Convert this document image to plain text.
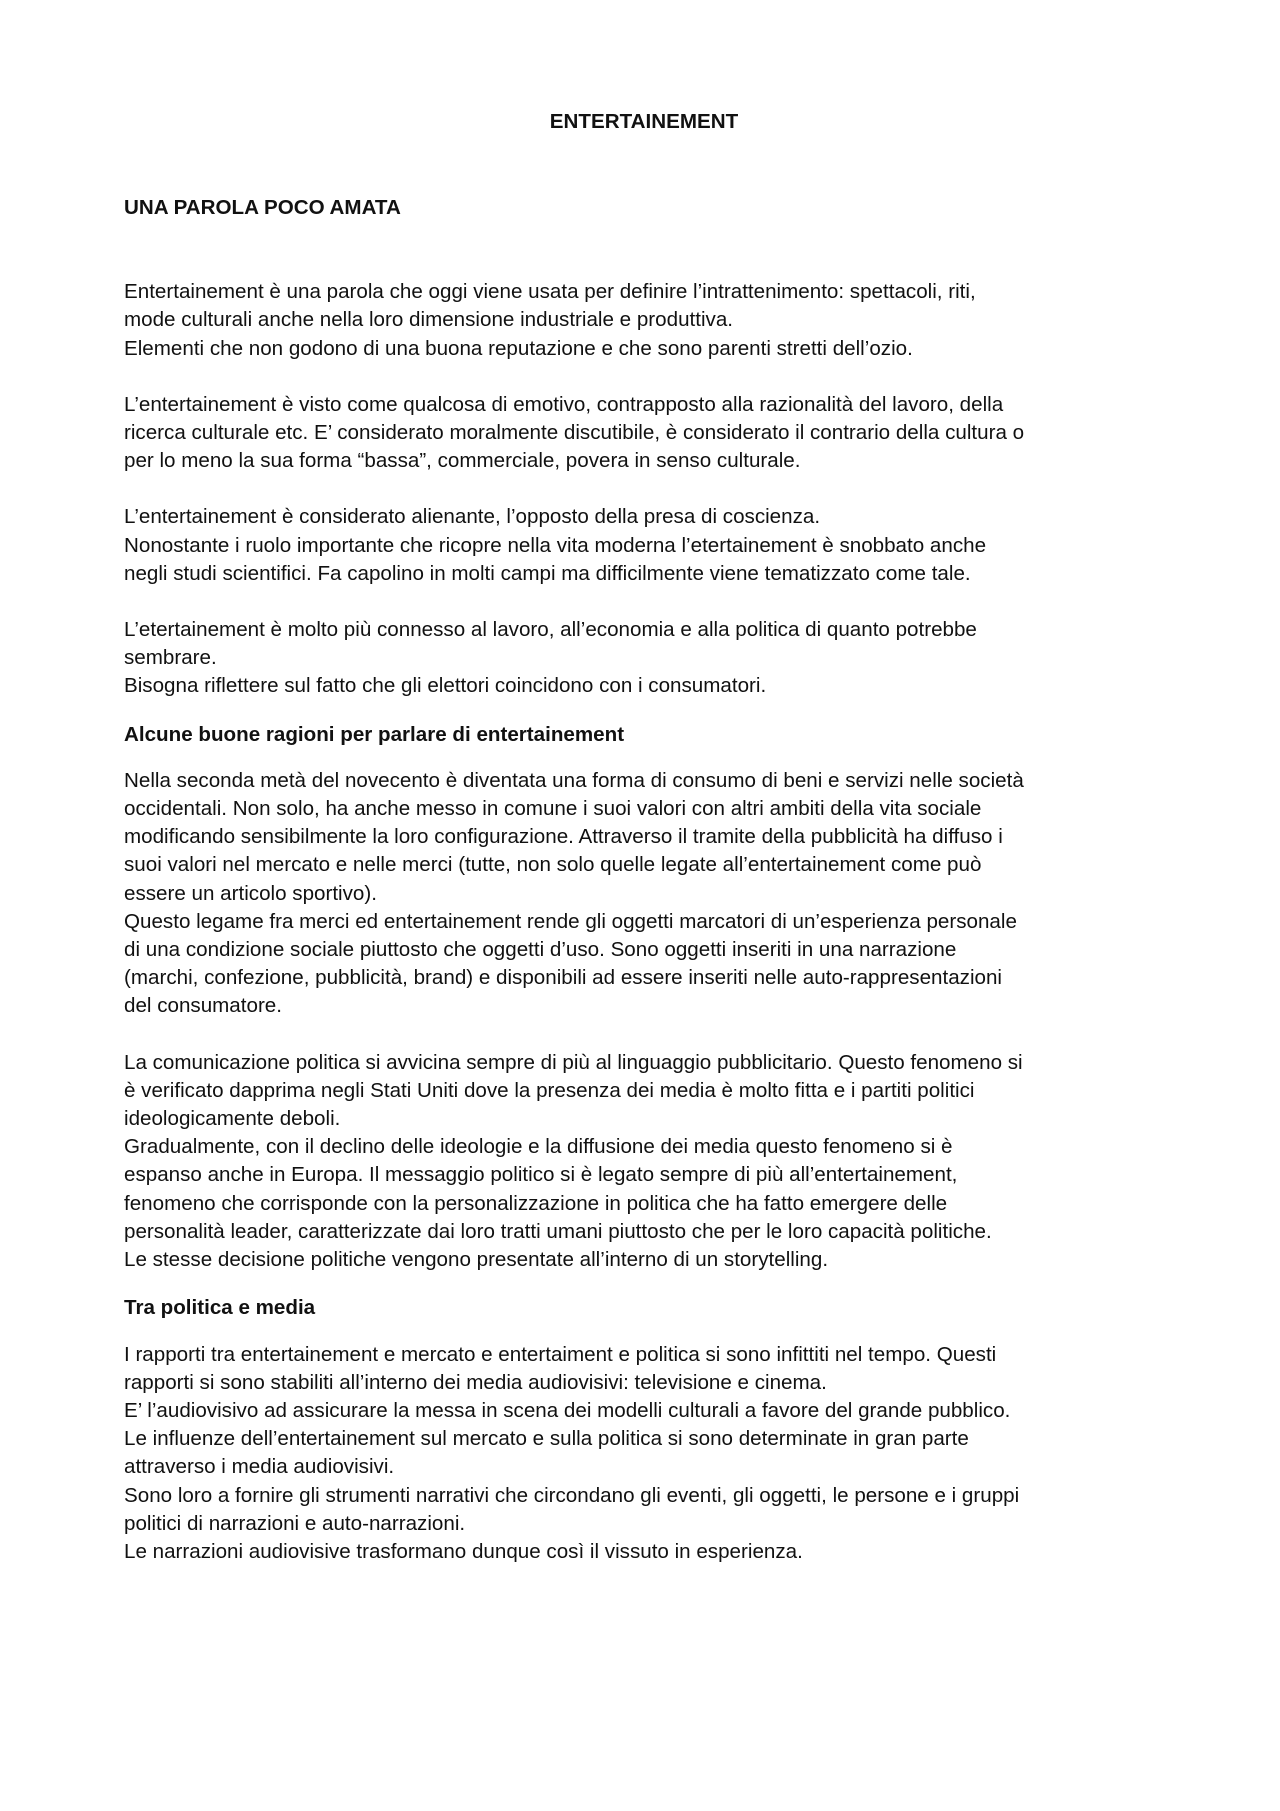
ENTERTAINEMENT
UNA PAROLA POCO AMATA
Entertainement è una parola che oggi viene usata per definire l’intrattenimento: spettacoli, riti,
mode culturali anche nella loro dimensione industriale e produttiva.
Elementi che non godono di una buona reputazione e che sono parenti stretti dell’ozio.
L’entertainement è visto come qualcosa di emotivo, contrapposto alla razionalità del lavoro, della
ricerca culturale etc. E’ considerato moralmente discutibile, è considerato il contrario della cultura o
per lo meno la sua forma “bassa”, commerciale, povera in senso culturale.
L’entertainement è considerato alienante, l’opposto della presa di coscienza.
Nonostante i ruolo importante che ricopre nella vita moderna l’etertainement è snobbato anche
negli studi scientifici. Fa capolino in molti campi ma difficilmente viene tematizzato come tale.
L’etertainement è molto più connesso al lavoro, all’economia e alla politica di quanto potrebbe
sembrare.
Bisogna riflettere sul fatto che gli elettori coincidono con i consumatori.
Alcune buone ragioni per parlare di entertainement
Nella seconda metà del novecento è diventata una forma di consumo di beni e servizi nelle società
occidentali. Non solo, ha anche messo in comune i suoi valori con altri ambiti della vita sociale
modificando sensibilmente la loro configurazione. Attraverso il tramite della pubblicità ha diffuso i
suoi valori nel mercato e nelle merci (tutte, non solo quelle legate all’entertainement come può
essere un articolo sportivo).
Questo legame fra merci ed entertainement rende gli oggetti marcatori di un’esperienza personale
di una condizione sociale piuttosto che oggetti d’uso. Sono oggetti inseriti in una narrazione
(marchi, confezione, pubblicità, brand) e disponibili ad essere inseriti nelle auto-rappresentazioni
del consumatore.
La comunicazione politica si avvicina sempre di più al linguaggio pubblicitario. Questo fenomeno si
è verificato dapprima negli Stati Uniti dove la presenza dei media è molto fitta e i partiti politici
ideologicamente deboli.
Gradualmente, con il declino delle ideologie e la diffusione dei media questo fenomeno si è
espanso anche in Europa. Il messaggio politico si è legato sempre di più all’entertainement,
fenomeno che corrisponde con la personalizzazione in politica che ha fatto emergere delle
personalità leader, caratterizzate dai loro tratti umani piuttosto che per le loro capacità politiche.
Le stesse decisione politiche vengono presentate all’interno di un storytelling.
Tra politica e media
I rapporti tra entertainement e mercato e entertaiment e politica si sono infittiti nel tempo. Questi
rapporti si sono stabiliti all’interno dei media audiovisivi: televisione e cinema.
E’ l’audiovisivo ad assicurare la messa in scena dei modelli culturali a favore del grande pubblico.
Le influenze dell’entertainement sul mercato e sulla politica si sono determinate in gran parte
attraverso i media audiovisivi.
Sono loro a fornire gli strumenti narrativi che circondano gli eventi, gli oggetti, le persone e i gruppi
politici di narrazioni e auto-narrazioni.
Le narrazioni audiovisive trasformano dunque così il vissuto in esperienza.
